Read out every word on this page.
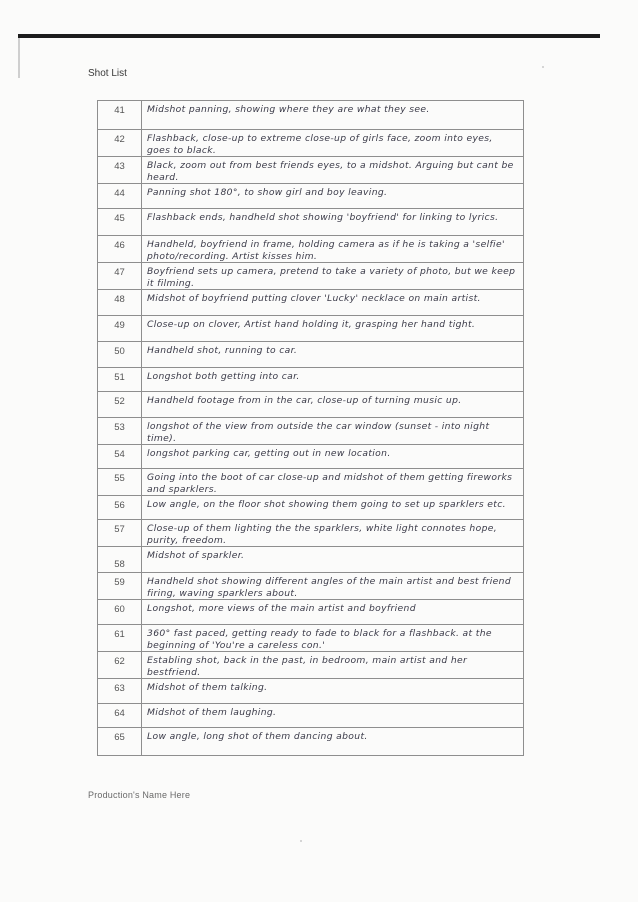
Shot List
41	Midshot panning, showing where they are what they see.
42	Flashback, close-up to extreme close-up of girls face, zoom into eyes, goes to black.
43	Black, zoom out from best friends eyes, to a midshot. Arguing but cant be heard.
44	Panning shot 180°, to show girl and boy leaving.
45	Flashback ends, handheld shot showing 'boyfriend' for linking to lyrics.
46	Handheld, boyfriend in frame, holding camera as if he is taking a 'selfie' photo/recording. Artist kisses him.
47	Boyfriend sets up camera, pretend to take a variety of photo, but we keep it filming.
48	Midshot of boyfriend putting clover 'Lucky' necklace on main artist.
49	Close-up on clover, Artist hand holding it, grasping her hand tight.
50	Handheld shot, running to car.
51	Longshot both getting into car.
52	Handheld footage from in the car, close-up of turning music up.
53	longshot of the view from outside the car window (sunset - into night time).
54	longshot parking car, getting out in new location.
55	Going into the boot of car close-up and midshot of them getting fireworks and sparklers.
56	Low angle, on the floor shot showing them going to set up sparklers etc.
57	Close-up of them lighting the the sparklers, white light connotes hope, purity, freedom.
58	Midshot of sparkler.
59	Handheld shot showing different angles of the main artist and best friend firing, waving sparklers about.
60	Longshot, more views of the main artist and boyfriend
61	360° fast paced, getting ready to fade to black for a flashback. at the beginning of 'You're a careless con.'
62	Establing shot, back in the past, in bedroom, main artist and her bestfriend.
63	Midshot of them talking.
64	Midshot of them laughing.
65	Low angle, long shot of them dancing about.
Production's Name Here
